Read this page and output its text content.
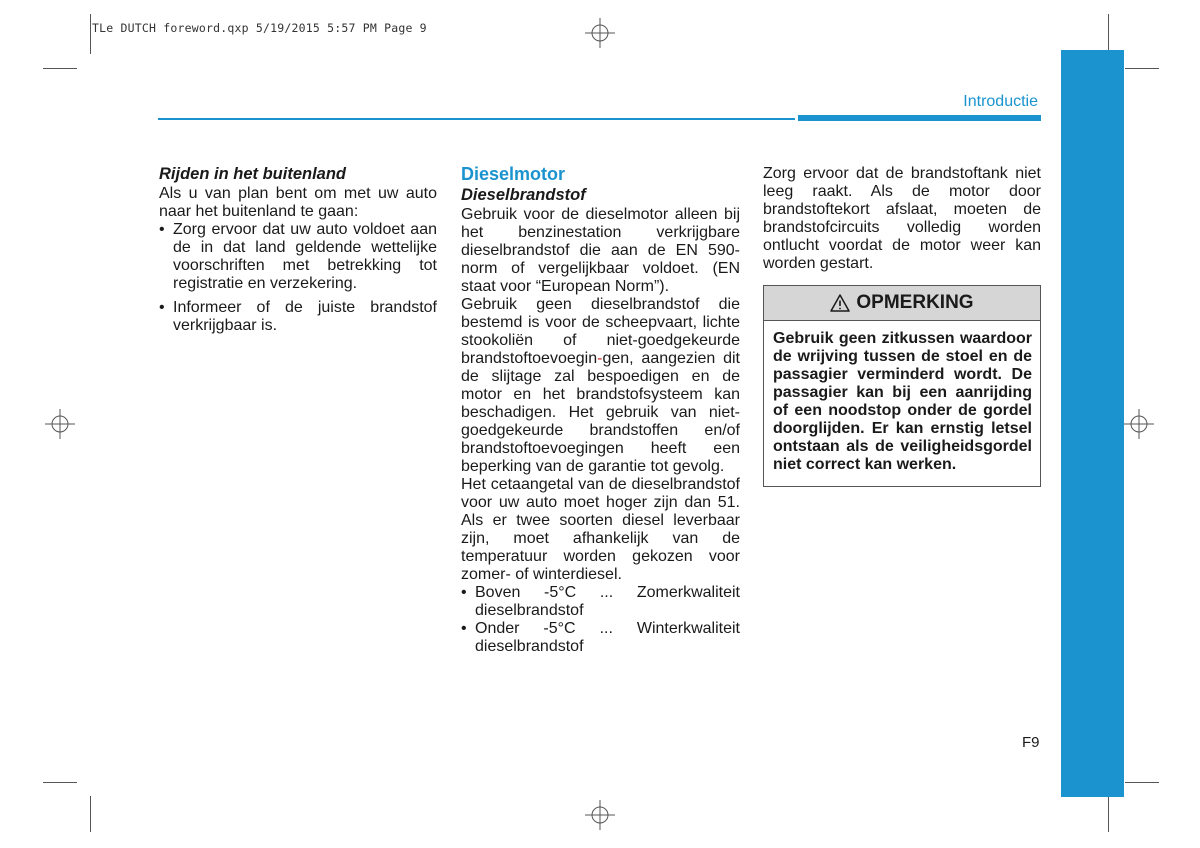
TLe DUTCH foreword.qxp 5/19/2015 5:57 PM Page 9
Introductie
Rijden in het buitenland

Als u van plan bent om met uw auto naar het buitenland te gaan:

• Zorg ervoor dat uw auto voldoet aan de in dat land geldende wettelijke voorschriften met betrekking tot registratie en verzekering.
• Informeer of de juiste brandstof verkrijgbaar is.
Dieselmotor
Dieselbrandstof

Gebruik voor de dieselmotor alleen bij het benzinestation verkrijgbare dieselbrandstof die aan de EN 590-norm of vergelijkbaar voldoet. (EN staat voor “European Norm”).

Gebruik geen dieselbrandstof die bestemd is voor de scheepvaart, lichte stookoliën of niet-goedgekeurde brandstoftoevoegin-gen, aangezien dit de slijtage zal bespoedigen en de motor en het brandstofsysteem kan beschadigen. Het gebruik van niet-goedgekeurde brandstoffen en/of brandstoftoevoegingen heeft een beperking van de garantie tot gevolg.

Het cetaangetal van de dieselbrandstof voor uw auto moet hoger zijn dan 51. Als er twee soorten diesel leverbaar zijn, moet afhankelijk van de temperatuur worden gekozen voor zomer- of winterdiesel.

• Boven -5°C ... Zomerkwaliteit dieselbrandstof
• Onder -5°C ... Winterkwaliteit dieselbrandstof

Zorg ervoor dat de brandstoftank niet leeg raakt. Als de motor door brandstoftekort afslaat, moeten de brandstofcircuits volledig worden ontlucht voordat de motor weer kan worden gestart.

OPMERKING
Gebruik geen zitkussen waardoor de wrijving tussen de stoel en de passagier verminderd wordt. De passagier kan bij een aanrijding of een noodstop onder de gordel doorglijden. Er kan ernstig letsel ontstaan als de veiligheidsgordel niet correct kan werken.
F9
